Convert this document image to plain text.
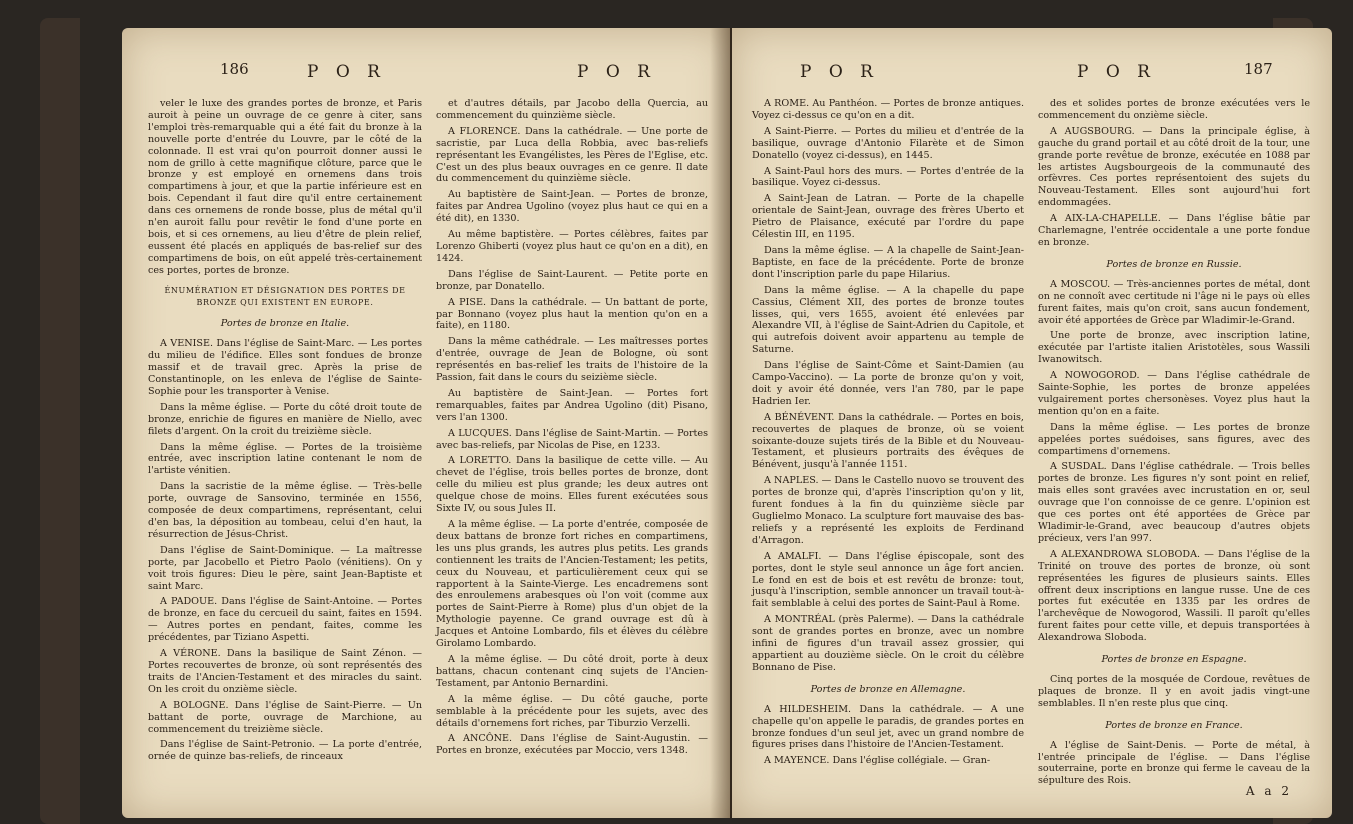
186	P O R	P O R

veler le luxe des grandes portes de bronze, et Paris auroit à peine un ouvrage de ce genre à citer, sans l'emploi très-remarquable qui a été fait du bronze à la nouvelle porte d'entrée du Louvre, par le côté de la colonnade. Il est vrai qu'on pourroit donner aussi le nom de grillo à cette magnifique clôture, parce que le bronze y est employé en ornemens dans trois compartimens à jour, et que la partie inférieure est en bois. Cependant il faut dire qu'il entre certainement dans ces ornemens de ronde bosse, plus de métal qu'il n'en auroit fallu pour revêtir le fond d'une porte en bois, et si ces ornemens, au lieu d'être de plein relief, eussent été placés en appliqués de bas-relief sur des compartimens de bois, on eût appelé très-certainement ces portes, portes de bronze.

ÉNUMÉRATION ET DÉSIGNATION DES PORTES DE BRONZE QUI EXISTENT EN EUROPE.

Portes de bronze en Italie.

A VENISE. Dans l'église de Saint-Marc. — Les portes du milieu de l'édifice. Elles sont fondues de bronze massif et de travail grec. Après la prise de Constantinople, on les enleva de l'église de Sainte-Sophie pour les transporter à Venise.

Dans la même église. — Porte du côté droit toute de bronze, enrichie de figures en manière de Niello, avec filets d'argent. On la croit du treizième siècle.

Dans la même église. — Portes de la troisième entrée, avec inscription latine contenant le nom de l'artiste vénitien.

Dans la sacristie de la même église. — Très-belle porte, ouvrage de Sansovino, terminée en 1556, composée de deux compartimens, représentant, celui d'en bas, la déposition au tombeau, celui d'en haut, la résurrection de Jésus-Christ.

Dans l'église de Saint-Dominique. — La maîtresse porte, par Jacobello et Pietro Paolo (vénitiens). On y voit trois figures: Dieu le père, saint Jean-Baptiste et saint Marc.

A PADOUE. Dans l'église de Saint-Antoine. — Portes de bronze, en face du cercueil du saint, faites en 1594. — Autres portes en pendant, faites, comme les précédentes, par Tiziano Aspetti.

A VÉRONE. Dans la basilique de Saint Zénon. — Portes recouvertes de bronze, où sont représentés des traits de l'Ancien-Testament et des miracles du saint. On les croit du onzième siècle.

A BOLOGNE. Dans l'église de Saint-Pierre. — Un battant de porte, ouvrage de Marchione, au commencement du treizième siècle.

Dans l'église de Saint-Petronio. — La porte d'entrée, ornée de quinze bas-reliefs, de rinceaux

et d'autres détails, par Jacobo della Quercia, au commencement du quinzième siècle.

A FLORENCE. Dans la cathédrale. — Une porte de sacristie, par Luca della Robbia, avec bas-reliefs représentant les Evangélistes, les Pères de l'Eglise, etc. C'est un des plus beaux ouvrages en ce genre. Il date du commencement du quinzième siècle.

Au baptistère de Saint-Jean. — Portes de bronze, faites par Andrea Ugolino (voyez plus haut ce qui en a été dit), en 1330.

Au même baptistère. — Portes célèbres, faites par Lorenzo Ghiberti (voyez plus haut ce qu'on en a dit), en 1424.

Dans l'église de Saint-Laurent. — Petite porte en bronze, par Donatello.

A PISE. Dans la cathédrale. — Un battant de porte, par Bonnano (voyez plus haut la mention qu'on en a faite), en 1180.

Dans la même cathédrale. — Les maîtresses portes d'entrée, ouvrage de Jean de Bologne, où sont représentés en bas-relief les traits de l'histoire de la Passion, fait dans le cours du seizième siècle.

Au baptistère de Saint-Jean. — Portes fort remarquables, faites par Andrea Ugolino (dit) Pisano, vers l'an 1300.

A LUCQUES. Dans l'église de Saint-Martin. — Portes avec bas-reliefs, par Nicolas de Pise, en 1233.

A LORETTO. Dans la basilique de cette ville. — Au chevet de l'église, trois belles portes de bronze, dont celle du milieu est plus grande; les deux autres ont quelque chose de moins. Elles furent exécutées sous Sixte IV, ou sous Jules II.

A la même église. — La porte d'entrée, composée de deux battans de bronze fort riches en compartimens, les uns plus grands, les autres plus petits. Les grands contiennent les traits de l'Ancien-Testament; les petits, ceux du Nouveau, et particulièrement ceux qui se rapportent à la Sainte-Vierge. Les encadremens sont des enroulemens arabesques où l'on voit (comme aux portes de Saint-Pierre à Rome) plus d'un objet de la Mythologie payenne. Ce grand ouvrage est dû à Jacques et Antoine Lombardo, fils et élèves du célèbre Girolamo Lombardo.

A la même église. — Du côté droit, porte à deux battans, chacun contenant cinq sujets de l'Ancien-Testament, par Antonio Bernardini.

A la même église. — Du côté gauche, porte semblable à la précédente pour les sujets, avec des détails d'ornemens fort riches, par Tiburzio Verzelli.

A ANCÔNE. Dans l'église de Saint-Augustin. — Portes en bronze, exécutées par Moccio, vers 1348.

P O R	P O R	187

A ROME. Au Panthéon. — Portes de bronze antiques. Voyez ci-dessus ce qu'on en a dit.

A Saint-Pierre. — Portes du milieu et d'entrée de la basilique, ouvrage d'Antonio Filarète et de Simon Donatello (voyez ci-dessus), en 1445.

A Saint-Paul hors des murs. — Portes d'entrée de la basilique. Voyez ci-dessus.

A Saint-Jean de Latran. — Porte de la chapelle orientale de Saint-Jean, ouvrage des frères Uberto et Pietro de Plaisance, exécuté par l'ordre du pape Célestin III, en 1195.

Dans la même église. — A la chapelle de Saint-Jean-Baptiste, en face de la précédente. Porte de bronze dont l'inscription parle du pape Hilarius.

Dans la même église. — A la chapelle du pape Cassius, Clément XII, des portes de bronze toutes lisses, qui, vers 1655, avoient été enlevées par Alexandre VII, à l'église de Saint-Adrien du Capitole, et qui autrefois doivent avoir appartenu au temple de Saturne.

Dans l'église de Saint-Côme et Saint-Damien (au Campo-Vaccino). — La porte de bronze qu'on y voit, doit y avoir été donnée, vers l'an 780, par le pape Hadrien Ier.

A BÉNÉVENT. Dans la cathédrale. — Portes en bois, recouvertes de plaques de bronze, où se voient soixante-douze sujets tirés de la Bible et du Nouveau-Testament, et plusieurs portraits des évêques de Bénévent, jusqu'à l'année 1151.

A NAPLES. — Dans le Castello nuovo se trouvent des portes de bronze qui, d'après l'inscription qu'on y lit, furent fondues à la fin du quinzième siècle par Guglielmo Monaco. La sculpture fort mauvaise des bas-reliefs y a représenté les exploits de Ferdinand d'Arragon.

A AMALFI. — Dans l'église épiscopale, sont des portes, dont le style seul annonce un âge fort ancien. Le fond en est de bois et est revêtu de bronze: tout, jusqu'à l'inscription, semble annoncer un travail tout-à-fait semblable à celui des portes de Saint-Paul à Rome.

A MONTRÉAL (près Palerme). — Dans la cathédrale sont de grandes portes en bronze, avec un nombre infini de figures d'un travail assez grossier, qui appartient au douzième siècle. On le croit du célèbre Bonnano de Pise.

Portes de bronze en Allemagne.

A HILDESHEIM. Dans la cathédrale. — A une chapelle qu'on appelle le paradis, de grandes portes en bronze fondues d'un seul jet, avec un grand nombre de figures prises dans l'histoire de l'Ancien-Testament.

A MAYENCE. Dans l'église collégiale. — Gran-

des et solides portes de bronze exécutées vers le commencement du onzième siècle.

A AUGSBOURG. — Dans la principale église, à gauche du grand portail et au côté droit de la tour, une grande porte revêtue de bronze, exécutée en 1088 par les artistes Augsbourgeois de la communauté des orfèvres. Ces portes représentoient des sujets du Nouveau-Testament. Elles sont aujourd'hui fort endommagées.

A AIX-LA-CHAPELLE. — Dans l'église bâtie par Charlemagne, l'entrée occidentale a une porte fondue en bronze.

Portes de bronze en Russie.

A MOSCOU. — Très-anciennes portes de métal, dont on ne connoît avec certitude ni l'âge ni le pays où elles furent faites, mais qu'on croit, sans aucun fondement, avoir été apportées de Grèce par Wladimir-le-Grand.

Une porte de bronze, avec inscription latine, exécutée par l'artiste italien Aristotèles, sous Wassili Iwanowitsch.

A NOWOGOROD. — Dans l'église cathédrale de Sainte-Sophie, les portes de bronze appelées vulgairement portes chersonèses. Voyez plus haut la mention qu'on en a faite.

Dans la même église. — Les portes de bronze appelées portes suédoises, sans figures, avec des compartimens d'ornemens.

A SUSDAL. Dans l'église cathédrale. — Trois belles portes de bronze. Les figures n'y sont point en relief, mais elles sont gravées avec incrustation en or, seul ouvrage que l'on connoisse de ce genre. L'opinion est que ces portes ont été apportées de Grèce par Wladimir-le-Grand, avec beaucoup d'autres objets précieux, vers l'an 997.

A ALEXANDROWA SLOBODA. — Dans l'église de la Trinité on trouve des portes de bronze, où sont représentées les figures de plusieurs saints. Elles offrent deux inscriptions en langue russe. Une de ces portes fut exécutée en 1335 par les ordres de l'archevêque de Nowogorod, Wassili. Il paroît qu'elles furent faites pour cette ville, et depuis transportées à Alexandrowa Sloboda.

Portes de bronze en Espagne.

Cinq portes de la mosquée de Cordoue, revêtues de plaques de bronze. Il y en avoit jadis vingt-une semblables. Il n'en reste plus que cinq.

Portes de bronze en France.

A l'église de Saint-Denis. — Porte de métal, à l'entrée principale de l'église. — Dans l'église souterraine, porte en bronze qui ferme le caveau de la sépulture des Rois.

A a 2
